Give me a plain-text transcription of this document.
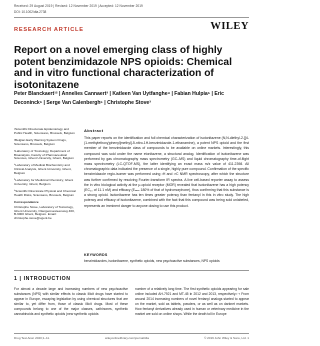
Received: 29 August 2019 | Revised: 12 November 2019 | Accepted: 12 November 2019
DOI: 10.1002/dta.2738
RESEARCH ARTICLE	WILEY
Report on a novel emerging class of highly potent benzimidazole NPS opioids: Chemical and in vitro functional characterization of isotonitazene
Peter Blanckaert¹² | Annelies Cannaert³ | Katleen Van Uytfanghe⁴ | Fabian Hulpia⁵ | Eric Deconinck⁶ | Serge Van Calenbergh⁵ | Christophe Stove³

¹Scientific Directorate Epidemiology and Public Health, Sciensano, Brussels, Belgium

²Belgian Early Warning System Drugs, Sciensano, Brussels, Belgium

³Laboratory of Toxicology, Department of Bioanalysis, Faculty of Pharmaceutical Sciences, Ghent University, Ghent, Belgium

⁴Laboratory of Medical Biochemistry and Clinical Analysis, Ghent University, Ghent, Belgium

⁵Laboratory for Medicinal Chemistry, Ghent University, Ghent, Belgium

⁶Scientific Directorate Physical and Chemical Health Risks, Sciensano, Brussels, Belgium

Correspondence

Christophe Stove, Laboratory of Toxicology, Ghent University, Ottergemsesteenweg 460, B-9000 Ghent, Belgium. Email: christophe.stove@ugent.be

Abstract
This paper reports on the identification and full chemical characterization of isotonitazene (N,N-diethyl-2-[[4-(1-methylethoxy)phenyl]methyl]-5-nitro-1H-benzimidazole-1-ethanamine), a potent NPS opioid and the first member of the benzimidazole class of compounds to be available on online markets. Interestingly, this compound was sold under the name etonitazene, a structural analog. Identification of isotonitazene was performed by gas chromatography mass spectrometry (GC–MS) and liquid chromatography time-of-flight mass spectrometry (LC-QTOF-MS), the latter identifying an exact mass m/z value of 411.2398. All chromatographic data indicated the presence of a single, highly pure compound. Confirmation of the specific benzimidazole regio-isomer was performed using ¹H and ¹³C NMR spectroscopy, after which the structure was further confirmed by resolving Fourier-transform IR spectra. A live cell-based reporter assay to assess the in vitro biological activity at the μ-opioid receptor (MOR) revealed that isotonitazene has a high potency (EC₅₀ of 11.1 nM) and efficacy (Eₘₐₓ 180% of that of hydromorphone), thus confirming that this substance is a strong opioid. Isotonitazene has ten times greater potency than fentanyl in this in vitro study. The high potency and efficacy of isotonitazene, combined with the fact that this compound was being sold unlabeled, represents an imminent danger to anyone dosing to use this product.
KEYWORDS
benzimidazoles, isotonitazene, synthetic opioids, new psychoactive substances, NPS opioids
1 | INTRODUCTION
For almost a decade large and increasing numbers of new psychoactive substances (NPS) with similar effects to classic illicit drugs have started to appear in Europe, escaping legislation by using chemical structures that are similar to, yet differ from, those of classic illicit drugs. Most of these compounds belong to one of the major classes, cathinones, synthetic cannabinoids and synthetic opioids (new synthetic opioids
number of a relatively long time. The first synthetic opioids appearing for sale online included AH-7921 and MT-45 in 2012 and 2013, respectively.¹⁻³ From around 2014 increasing numbers of novel fentanyl analogs started to appear on the market, sold as tablets, powders, or as well as on darknet markets. How fentanyl derivatives already used in human or veterinary medicine in the market are sold on online shops. While the death toll in Europe
Drug Test Anal. 2020;1–11.	wileyonlinelibrary.com/journal/dta	© 2019 John Wiley & Sons, Ltd. 1
